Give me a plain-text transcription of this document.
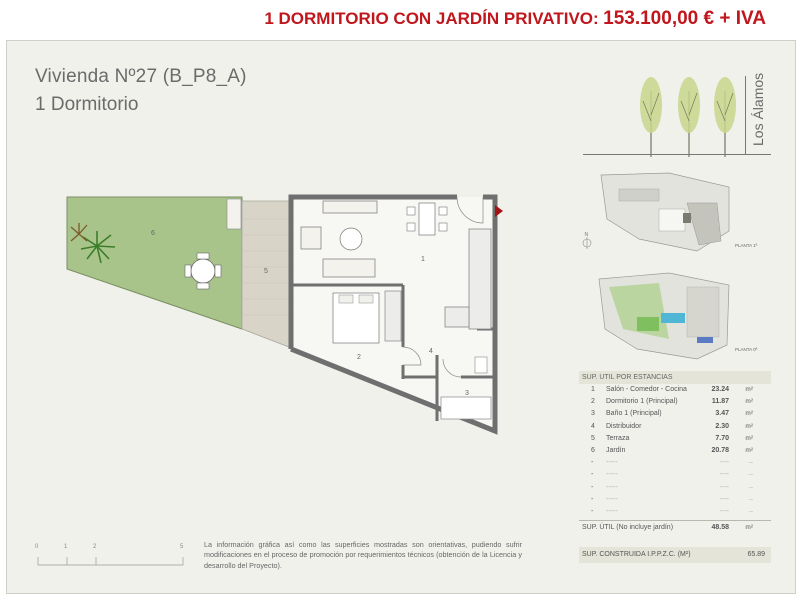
1 DORMITORIO CON JARDÍN PRIVATIVO: 153.100,00 € + IVA
Vivienda Nº27 (B_P8_A)
1 Dormitorio
1
2
3
4
5
6
0	1	2	5	La información gráfica así como las superficies mostradas son orientativas, pudiendo sufrir modificaciones en el proceso de promoción por requerimientos técnicos (obtención de la Licencia y desarrollo del Proyecto).
Los Álamos
PLANTA 1ª
N
PLANTA 0ª
SUP. UTIL POR ESTANCIAS
1 Salón - Comedor - Cocina	23.24	m²
2 Dormitorio 1 (Principal)	11.87	m²
3 Baño 1 (Principal)	3.47	m²
4 Distribuidor	2.30	m²
5 Terraza	7.70	m²
6 Jardín	20.78	m²
- -----	----	--
- -----	----	--
- -----	----	--
- -----	----	--
- -----	----	--
SUP. ÚTIL (No incluye jardín)	48.58	m²
SUP. CONSTRUIDA I.P.P.Z.C. (M²)	65.89
